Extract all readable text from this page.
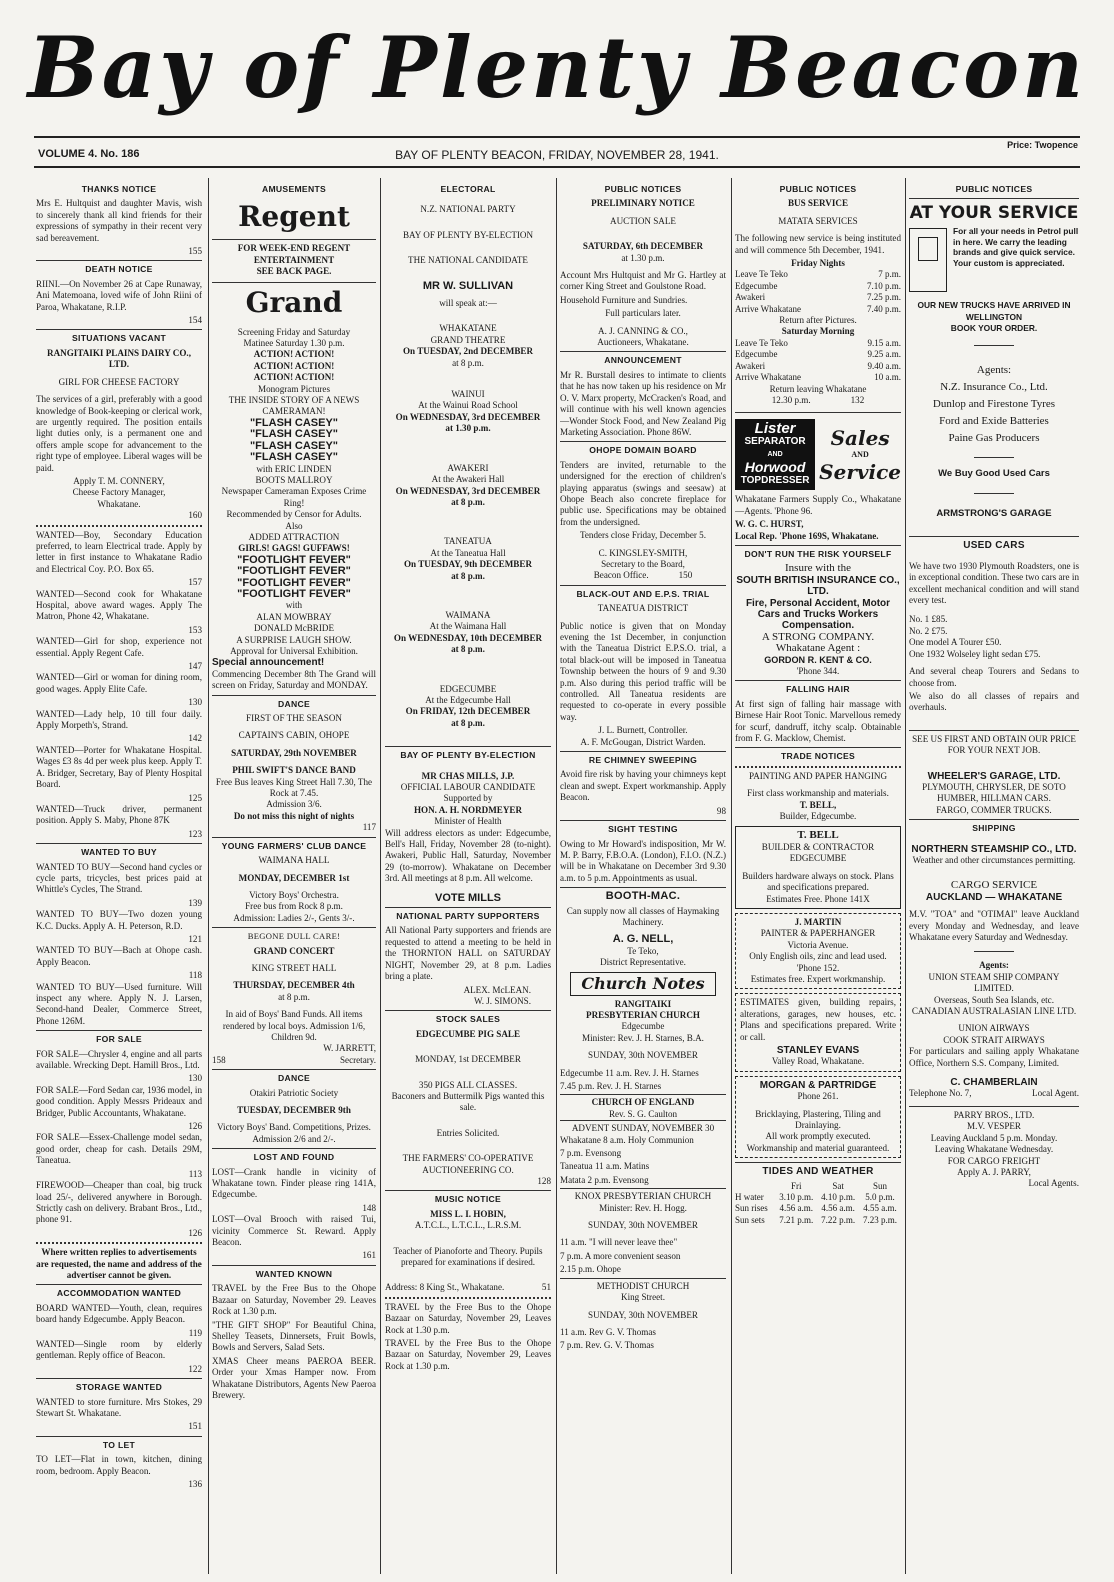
Bay of Plenty Beacon
VOLUME 4. No. 186	BAY OF PLENTY BEACON, FRIDAY, NOVEMBER 28, 1941.
Price: Twopence
THANKS NOTICE
Mrs E. Hultquist and daughter Mavis, wish to sincerely thank all kind friends for their expressions of sympathy in their recent very sad bereavement.
155
DEATH NOTICE
RIINI.—On November 26 at Cape Runaway, Ani Matemoana, loved wife of John Riini of Paroa, Whakatane, R.I.P.
154
SITUATIONS VACANT
RANGITAIKI PLAINS DAIRY CO., LTD.
GIRL FOR CHEESE FACTORY
The services of a girl, preferably with a good knowledge of Book-keeping or clerical work, are urgently required. The position entails light duties only, is a permanent one and offers ample scope for advancement to the right type of employee. Liberal wages will be paid.
Apply T. M. CONNERY,
Cheese Factory Manager,
Whakatane.
160
WANTED—Boy, Secondary Education preferred, to learn Electrical trade. Apply by letter in first instance to Whakatane Radio and Electrical Coy. P.O. Box 65.
157
WANTED—Second cook for Whakatane Hospital, above award wages. Apply The Matron, Phone 42, Whakatane.
153
WANTED—Girl for shop, experience not essential. Apply Regent Cafe.
147
WANTED—Girl or woman for dining room, good wages. Apply Elite Cafe.
130
WANTED—Lady help, 10 till four daily. Apply Morpeth's, Strand.
142
WANTED—Porter for Whakatane Hospital. Wages £3 8s 4d per week plus keep. Apply T. A. Bridger, Secretary, Bay of Plenty Hospital Board.
125
WANTED—Truck driver, permanent position. Apply S. Maby, Phone 87K
123
WANTED TO BUY
WANTED TO BUY—Second hand cycles or cycle parts, tricycles, best prices paid at Whittle's Cycles, The Strand.
139
WANTED TO BUY—Two dozen young K.C. Ducks. Apply A. H. Peterson, R.D.
121
WANTED TO BUY—Bach at Ohope cash. Apply Beacon.
118
WANTED TO BUY—Used furniture. Will inspect any where. Apply N. J. Larsen, Second-hand Dealer, Commerce Street, Phone 126M.
FOR SALE
FOR SALE—Chrysler 4, engine and all parts available. Wrecking Dept. Hamill Bros., Ltd.
130
FOR SALE—Ford Sedan car, 1936 model, in good condition. Apply Messrs Prideaux and Bridger, Public Accountants, Whakatane.
126
FOR SALE—Essex-Challenge model sedan, good order, cheap for cash. Details 29M, Taneatua.
113
FIREWOOD—Cheaper than coal, big truck load 25/-, delivered anywhere in Borough. Strictly cash on delivery. Brabant Bros., Ltd., phone 91.
126
Where written replies to advertisements are requested, the name and address of the advertiser cannot be given.
ACCOMMODATION WANTED
BOARD WANTED—Youth, clean, requires board handy Edgecumbe. Apply Beacon.
119
WANTED—Single room by elderly gentleman. Reply office of Beacon.
122
STORAGE WANTED
WANTED to store furniture. Mrs Stokes, 29 Stewart St. Whakatane.
151
TO LET
TO LET—Flat in town, kitchen, dining room, bedroom. Apply Beacon.
136
AMUSEMENTS
Regent
FOR WEEK-END REGENT ENTERTAINMENT
SEE BACK PAGE.
Grand
Screening Friday and Saturday
Matinee Saturday 1.30 p.m.
ACTION! ACTION!
ACTION! ACTION!
ACTION! ACTION!
Monogram Pictures
THE INSIDE STORY OF A NEWS CAMERAMAN!
"FLASH CASEY"
"FLASH CASEY"
"FLASH CASEY"
"FLASH CASEY"
with ERIC LINDEN
BOOTS MALLROY
Newspaper Cameraman Exposes Crime Ring!
Recommended by Censor for Adults.
Also
ADDED ATTRACTION
GIRLS! GAGS! GUFFAWS!
"FOOTLIGHT FEVER"
"FOOTLIGHT FEVER"
"FOOTLIGHT FEVER"
"FOOTLIGHT FEVER"
with
ALAN MOWBRAY
DONALD McBRIDE
A SURPRISE LAUGH SHOW.
Approval for Universal Exhibition.
Special announcement!
Commencing December 8th The Grand will screen on Friday, Saturday and MONDAY.
DANCE
FIRST OF THE SEASON
CAPTAIN'S CABIN, OHOPE
SATURDAY, 29th NOVEMBER
PHIL SWIFT'S DANCE BAND
Free Bus leaves King Street Hall 7.30, The Rock at 7.45.
Admission 3/6.
Do not miss this night of nights
117
YOUNG FARMERS' CLUB DANCE
WAIMANA HALL
MONDAY, DECEMBER 1st
Victory Boys' Orchestra.
Free bus from Rock 8 p.m.
Admission: Ladies 2/-, Gents 3/-.
BEGONE DULL CARE!
GRAND CONCERT
KING STREET HALL
THURSDAY, DECEMBER 4th
at 8 p.m.
In aid of Boys' Band Funds. All items rendered by local boys. Admission 1/6, Children 9d.
W. JARRETT,
158	Secretary.
DANCE
Otakiri Patriotic Society
TUESDAY, DECEMBER 9th
Victory Boys' Band. Competitions, Prizes.
Admission 2/6 and 2/-.
LOST AND FOUND
LOST—Crank handle in vicinity of Whakatane town. Finder please ring 141A, Edgecumbe.
148
LOST—Oval Brooch with raised Tui, vicinity Commerce St. Reward. Apply Beacon.
161
WANTED KNOWN
TRAVEL by the Free Bus to the Ohope Bazaar on Saturday, November 29. Leaves Rock at 1.30 p.m.
"THE GIFT SHOP" For Beautiful China, Shelley Teasets, Dinnersets, Fruit Bowls, Bowls and Servers, Salad Sets.
XMAS Cheer means PAEROA BEER. Order your Xmas Hamper now. From Whakatane Distributors, Agents New Paeroa Brewery.
ELECTORAL
N.Z. NATIONAL PARTY
BAY OF PLENTY BY-ELECTION
THE NATIONAL CANDIDATE
MR W. SULLIVAN
will speak at:—
WHAKATANE
GRAND THEATRE
On TUESDAY, 2nd DECEMBER
at 8 p.m.
WAINUI
At the Wainui Road School
On WEDNESDAY, 3rd DECEMBER
at 1.30 p.m.
AWAKERI
At the Awakeri Hall
On WEDNESDAY, 3rd DECEMBER
at 8 p.m.
TANEATUA
At the Taneatua Hall
On TUESDAY, 9th DECEMBER
at 8 p.m.
WAIMANA
At the Waimana Hall
On WEDNESDAY, 10th DECEMBER
at 8 p.m.
EDGECUMBE
At the Edgecumbe Hall
On FRIDAY, 12th DECEMBER
at 8 p.m.
BAY OF PLENTY BY-ELECTION
MR CHAS MILLS, J.P.
OFFICIAL LABOUR CANDIDATE
Supported by
HON. A. H. NORDMEYER
Minister of Health
Will address electors as under: Edgecumbe, Bell's Hall, Friday, November 28 (to-night). Awakeri, Public Hall, Saturday, November 29 (to-morrow). Whakatane on December 3rd. All meetings at 8 p.m. All welcome.
VOTE MILLS
NATIONAL PARTY SUPPORTERS
All National Party supporters and friends are requested to attend a meeting to be held in the THORNTON HALL on SATURDAY NIGHT, November 29, at 8 p.m. Ladies bring a plate.
ALEX. McLEAN.
W. J. SIMONS.
STOCK SALES
EDGECUMBE PIG SALE
MONDAY, 1st DECEMBER
350 PIGS ALL CLASSES.
Baconers and Buttermilk Pigs wanted this sale.
Entries Solicited.
THE FARMERS' CO-OPERATIVE AUCTIONEERING CO.
128
MUSIC NOTICE
MISS L. I. HOBIN,
A.T.C.L., L.T.C.L., L.R.S.M.
Teacher of Pianoforte and Theory. Pupils prepared for examinations if desired.
Address: 8 King St., Whakatane.	51
TRAVEL by the Free Bus to the Ohope Bazaar on Saturday, November 29, Leaves Rock at 1.30 p.m.
TRAVEL by the Free Bus to the Ohope Bazaar on Saturday, November 29, Leaves Rock at 1.30 p.m.
PUBLIC NOTICES
PRELIMINARY NOTICE
AUCTION SALE
SATURDAY, 6th DECEMBER
at 1.30 p.m.
Account Mrs Hultquist and Mr G. Hartley at corner King Street and Goulstone Road.
Household Furniture and Sundries.
Full particulars later.
A. J. CANNING & CO.,
Auctioneers, Whakatane.
ANNOUNCEMENT
Mr R. Burstall desires to intimate to clients that he has now taken up his residence on Mr O. V. Marx property, McCracken's Road, and will continue with his well known agencies—Wonder Stock Food, and New Zealand Pig Marketing Association. Phone 86W.
OHOPE DOMAIN BOARD
Tenders are invited, returnable to the undersigned for the erection of children's playing apparatus (swings and seesaw) at Ohope Beach also concrete fireplace for public use. Specifications may be obtained from the undersigned.
Tenders close Friday, December 5.
C. KINGSLEY-SMITH,
Secretary to the Board,
Beacon Office.	150
BLACK-OUT AND E.P.S. TRIAL
TANEATUA DISTRICT
Public notice is given that on Monday evening the 1st December, in conjunction with the Taneatua District E.P.S.O. trial, a total black-out will be imposed in Taneatua Township between the hours of 9 and 9.30 p.m. Also during this period traffic will be controlled. All Taneatua residents are requested to co-operate in every possible way.
J. L. Burnett, Controller.
A. F. McGougan, District Warden.
RE CHIMNEY SWEEPING
Avoid fire risk by having your chimneys kept clean and swept. Expert workmanship. Apply Beacon.
98
SIGHT TESTING
Owing to Mr Howard's indisposition, Mr W. M. P. Barry, F.B.O.A. (London), F.I.O. (N.Z.) will be in Whakatane on December 3rd 9.30 a.m. to 5 p.m. Appointments as usual.
BOOTH-MAC.
Can supply now all classes of Haymaking Machinery.
A. G. NELL,
Te Teko,
District Representative.
Church Notes
RANGITAIKI
PRESBYTERIAN CHURCH
Edgecumbe
Minister: Rev. J. H. Starnes, B.A.
SUNDAY, 30th NOVEMBER
Edgecumbe 11 a.m. Rev. J. H. Starnes
7.45 p.m. Rev. J. H. Starnes
CHURCH OF ENGLAND
Rev. S. G. Caulton
ADVENT SUNDAY, NOVEMBER 30
Whakatane 8 a.m. Holy Communion
7 p.m. Evensong
Taneatua 11 a.m. Matins
Matata 2 p.m. Evensong
KNOX PRESBYTERIAN CHURCH
Minister: Rev. H. Hogg.
SUNDAY, 30th NOVEMBER
11 a.m. "I will never leave thee"
7 p.m. A more convenient season
2.15 p.m. Ohope
METHODIST CHURCH
King Street.
SUNDAY, 30th NOVEMBER
11 a.m. Rev G. V. Thomas
7 p.m. Rev. G. V. Thomas
PUBLIC NOTICES
BUS SERVICE
MATATA SERVICES
The following new service is being instituted and will commence 5th December, 1941.
Friday Nights
Leave Te Teko	7 p.m.
Edgecumbe	7.10 p.m.
Awakeri	7.25 p.m.
Arrive Whakatane	7.40 p.m.
Return after Pictures.
Saturday Morning
Leave Te Teko	9.15 a.m.
Edgecumbe	9.25 a.m.
Awakeri	9.40 a.m.
Arrive Whakatane	10 a.m.
Return leaving Whakatane
12.30 p.m.	132
Lister
SEPARATOR
AND
Horwood
TOPDRESSER
Sales
AND
Service
Whakatane Farmers Supply Co., Whakatane—Agents. 'Phone 96.
W. G. C. HURST,
Local Rep. 'Phone 169S, Whakatane.
DON'T RUN THE RISK YOURSELF
Insure with the
SOUTH BRITISH INSURANCE CO., LTD.
Fire, Personal Accident, Motor Cars and Trucks Workers Compensation.
A STRONG COMPANY.
Whakatane Agent :
GORDON R. KENT & CO.
'Phone 344.
FALLING HAIR
At first sign of falling hair massage with Birnese Hair Root Tonic. Marvellous remedy for scurf, dandruff, itchy scalp. Obtainable from F. G. Macklow, Chemist.
TRADE NOTICES
PAINTING AND PAPER HANGING
First class workmanship and materials.
T. BELL,
Builder, Edgecumbe.
T. BELL
BUILDER & CONTRACTOR
EDGECUMBE
Builders hardware always on stock. Plans and specifications prepared.
Estimates Free. Phone 141X
J. MARTIN
PAINTER & PAPERHANGER
Victoria Avenue.
Only English oils, zinc and lead used.
'Phone 152.
Estimates free. Expert workmanship.
ESTIMATES given, building repairs, alterations, garages, new houses, etc. Plans and specifications prepared. Write or call.
STANLEY EVANS
Valley Road, Whakatane.
MORGAN & PARTRIDGE
Phone 261.
Bricklaying, Plastering, Tiling and Drainlaying.
All work promptly executed. Workmanship and material guaranteed.
TIDES AND WEATHER
	Fri	Sat	Sun
H water	3.10 p.m.	4.10 p.m.	5.0 p.m.
Sun rises	4.56 a.m.	4.56 a.m.	4.55 a.m.
Sun sets	7.21 p.m.	7.22 p.m.	7.23 p.m.
PUBLIC NOTICES
AT YOUR SERVICE
For all your needs in Petrol pull in here. We carry the leading brands and give quick service.
Your custom is appreciated.
OUR NEW TRUCKS HAVE ARRIVED IN WELLINGTON
BOOK YOUR ORDER.
Agents:
N.Z. Insurance Co., Ltd.
Dunlop and Firestone Tyres
Ford and Exide Batteries
Paine Gas Producers
We Buy Good Used Cars
ARMSTRONG'S GARAGE
USED CARS
We have two 1930 Plymouth Roadsters, one is in exceptional condition. These two cars are in excellent mechanical condition and will stand every test.
No. 1 £85.
No. 2 £75.
One model A Tourer £50.
One 1932 Wolseley light sedan £75.
And several cheap Tourers and Sedans to choose from.
We also do all classes of repairs and overhauls.
SEE US FIRST AND OBTAIN OUR PRICE FOR YOUR NEXT JOB.
WHEELER'S GARAGE, LTD.
PLYMOUTH, CHRYSLER, DE SOTO HUMBER, HILLMAN CARS.
FARGO, COMMER TRUCKS.
SHIPPING
NORTHERN STEAMSHIP CO., LTD.
Weather and other circumstances permitting.
CARGO SERVICE
AUCKLAND — WHAKATANE
M.V. "TOA" and "OTIMAI" leave Auckland every Monday and Wednesday, and leave Whakatane every Saturday and Wednesday.
Agents:
UNION STEAM SHIP COMPANY LIMITED.
Overseas, South Sea Islands, etc.
CANADIAN AUSTRALASIAN LINE LTD.
UNION AIRWAYS
COOK STRAIT AIRWAYS
For particulars and sailing apply Whakatane Office, Northern S.S. Company, Limited.
C. CHAMBERLAIN
Telephone No. 7,	Local Agent.
PARRY BROS., LTD.
M.V. VESPER
Leaving Auckland 5 p.m. Monday.
Leaving Whakatane Wednesday.
FOR CARGO FREIGHT
Apply A. J. PARRY,
Local Agents.
